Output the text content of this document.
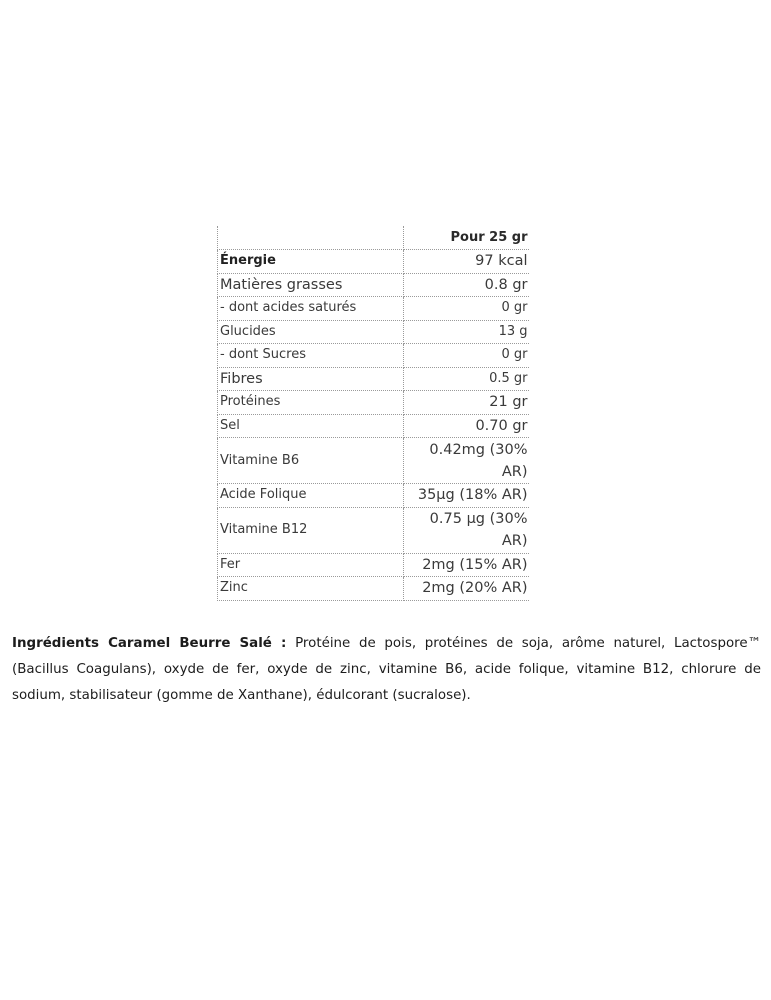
	Pour 25 gr
Énergie	97 kcal
Matières grasses	0.8 gr
- dont acides saturés	0 gr
Glucides	13 g
- dont Sucres	0 gr
Fibres	0.5 gr
Protéines	21 gr
Sel	0.70 gr
Vitamine B6	0.42mg (30% AR)
Acide Folique	35µg (18% AR)
Vitamine B12	0.75 µg (30% AR)
Fer	2mg (15% AR)
Zinc	2mg (20% AR)

Ingrédients Caramel Beurre Salé : Protéine de pois, protéines de soja, arôme naturel, Lactospore™ (Bacillus Coagulans), oxyde de fer, oxyde de zinc, vitamine B6, acide folique, vitamine B12, chlorure de sodium, stabilisateur (gomme de Xanthane), édulcorant (sucralose).
